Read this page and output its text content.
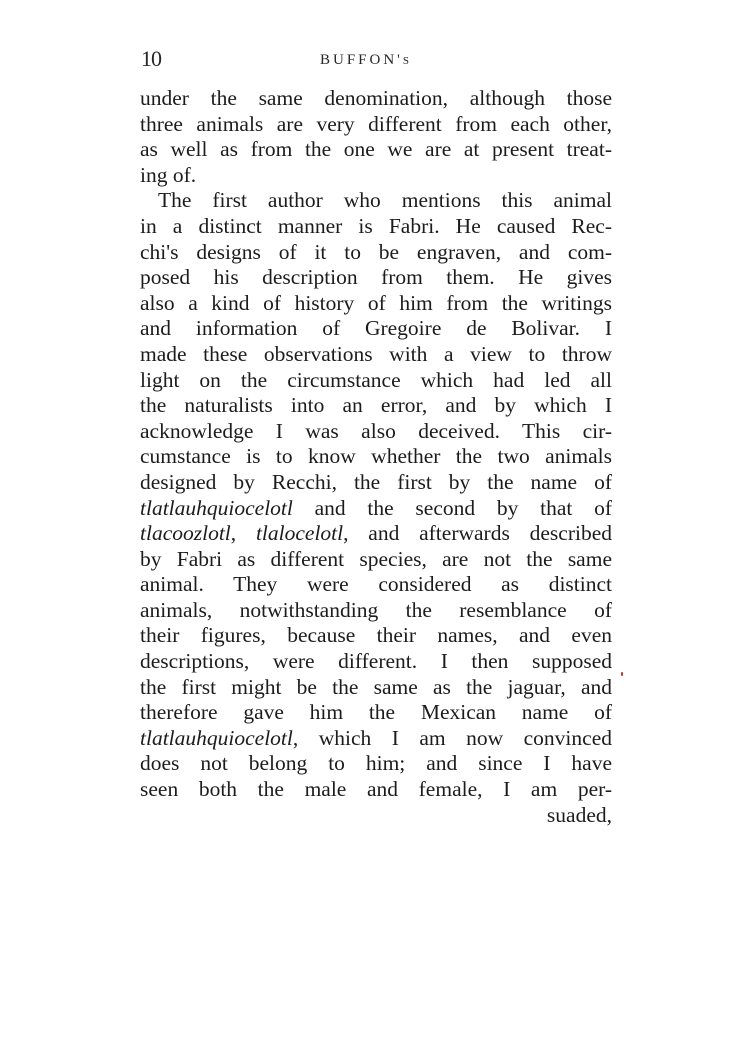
10	BUFFON's
under the same denomination, although those
three animals are very different from each other,
as well as from the one we are at present treat-
ing of.
The first author who mentions this animal
in a distinct manner is Fabri. He caused Rec-
chi's designs of it to be engraven, and com-
posed his description from them. He gives
also a kind of history of him from the writings
and information of Gregoire de Bolivar. I
made these observations with a view to throw
light on the circumstance which had led all
the naturalists into an error, and by which I
acknowledge I was also deceived. This cir-
cumstance is to know whether the two animals
designed by Recchi, the first by the name of
tlatlauhquiocelotl and the second by that of
tlacoozlotl, tlalocelotl, and afterwards described
by Fabri as different species, are not the same
animal. They were considered as distinct
animals, notwithstanding the resemblance of
their figures, because their names, and even
descriptions, were different. I then supposed
the first might be the same as the jaguar, and
therefore gave him the Mexican name of
tlatlauhquiocelotl, which I am now convinced
does not belong to him; and since I have
seen both the male and female, I am per-
suaded,
